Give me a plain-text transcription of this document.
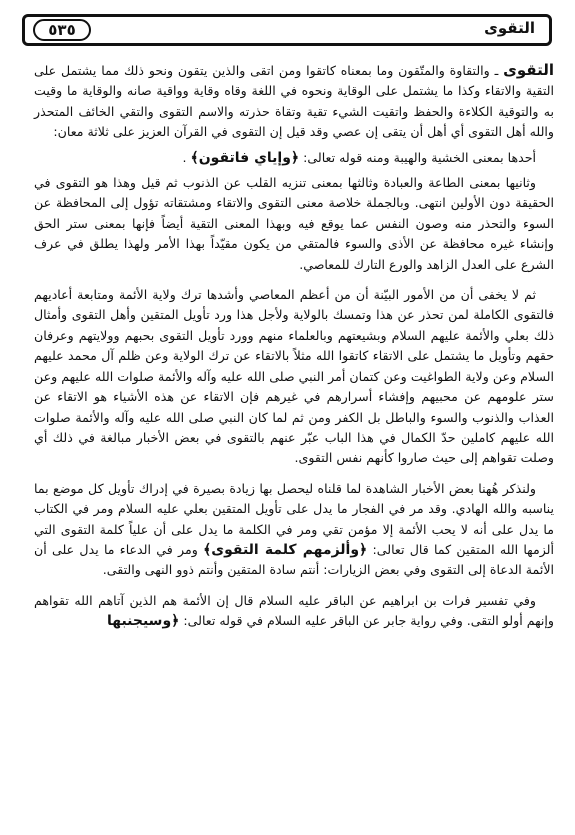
التقوى
٥٣٥

التقوى ـ والتقاوة والمتّقون وما بمعناه كاتقوا ومن اتقى والذين يتقون ونحو ذلك مما يشتمل على التقية والاتقاء وكذا ما يشتمل على الوقاية ونحوه في اللغة وقاه وقاية وواقية صانه والوقاية ما وقيت به والتوقية الكلاءة والحفظ واتقيت الشيء تقية وتقاة حذرته والاسم التقوى والتقي الخائف المتحذر والله أهل التقوى أي أهل أن يتقى إن عصي وقد قيل إن التقوى في القرآن العزيز على ثلاثة معان:

أحدها بمعنى الخشية والهيبة ومنه قوله تعالى: ﴿وإياي فاتقون﴾ .

وثانيها بمعنى الطاعة والعبادة وثالثها بمعنى تنزيه القلب عن الذنوب ثم قيل وهذا هو التقوى في الحقيقة دون الأولين انتهى. وبالجملة خلاصة معنى التقوى والاتقاء ومشتقاته تؤول إلى المحافظة عن السوء والتحذر منه وصون النفس عما يوقع فيه وبهذا المعنى التقية أيضاً فإنها بمعنى ستر الحق وإنشاء غيره محافظة عن الأذى والسوء فالمتقي من يكون مقيّداً بهذا الأمر ولهذا يطلق في عرف الشرع على العدل الزاهد والورع التارك للمعاصي.

ثم لا يخفى أن من الأمور البيّنة أن من أعظم المعاصي وأشدها ترك ولاية الأئمة ومتابعة أعاديهم فالتقوى الكاملة لمن تحذر عن هذا وتمسك بالولاية ولأجل هذا ورد تأويل المتقين وأهل التقوى وأمثال ذلك بعلي والأئمة عليهم السلام وبشيعتهم وبالعلماء منهم وورد تأويل التقوى بحبهم وولايتهم وعرفان حقهم وتأويل ما يشتمل على الاتقاء كاتقوا الله مثلاً بالاتقاء عن ترك الولاية وعن ظلم آل محمد عليهم السلام وعن ولاية الطواغيت وعن كتمان أمر النبي صلى الله عليه وآله والأئمة صلوات الله عليهم وعن ستر علومهم عن محبيهم وإفشاء أسرارهم في غيرهم فإن الاتقاء عن هذه الأشياء هو الاتقاء عن العذاب والذنوب والسوء والباطل بل الكفر ومن ثم لما كان النبي صلى الله عليه وآله والأئمة صلوات الله عليهم كاملين حدّ الكمال في هذا الباب عبّر عنهم بالتقوى في بعض الأخبار مبالغة في ذلك أي وصلت تقواهم إلى حيث صاروا كأنهم نفس التقوى.

ولنذكر هُهنا بعض الأخبار الشاهدة لما قلناه ليحصل بها زيادة بصيرة في إدراك تأويل كل موضع بما يناسبه والله الهادي. وقد مر في الفجار ما يدل على تأويل المتقين بعلي عليه السلام ومر في الكتاب ما يدل على أنه لا يحب الأئمة إلا مؤمن تقي ومر في الكلمة ما يدل على أن علياً كلمة التقوى التي ألزمها الله المتقين كما قال تعالى: ﴿وألزمهم كلمة التقوى﴾ ومر في الدعاء ما يدل على أن الأئمة الدعاة إلى التقوى وفي بعض الزيارات: أنتم سادة المتقين وأنتم ذوو النهى والتقى.

وفي تفسير فرات بن ابراهيم عن الباقر عليه السلام قال إن الأئمة هم الذين آتاهم الله تقواهم وإنهم أولو التقى. وفي رواية جابر عن الباقر عليه السلام في قوله تعالى: ﴿وسيجنبها
